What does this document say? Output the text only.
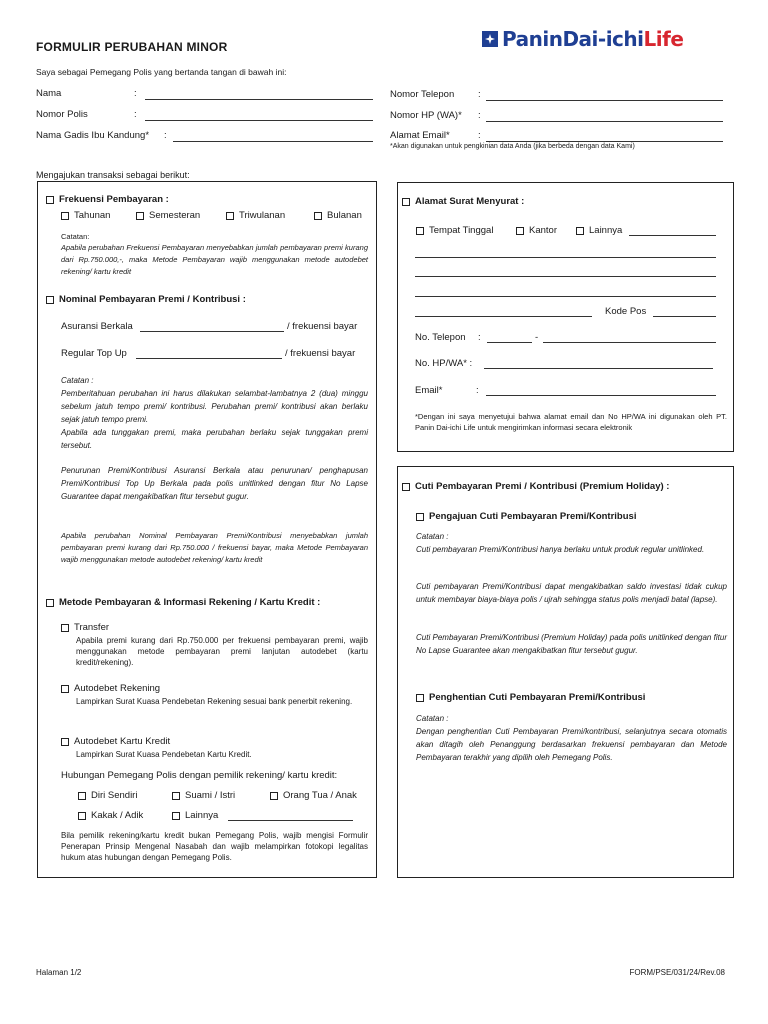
FORMULIR PERUBAHAN MINOR	PaninDai-ichiLife
Saya sebagai Pemegang Polis yang bertanda tangan di bawah ini:
Nama	:
Nomor Polis	:
Nama Gadis Ibu Kandung* :
Nomor Telepon :
Nomor HP (WA)* :
Alamat Email*	:
*Akan digunakan untuk pengkinian data Anda (jika berbeda dengan data Kami)
Mengajukan transaksi sebagai berikut:
Frekuensi Pembayaran :
Tahunan	Semesteran	Triwulanan	Bulanan
Catatan:
Apabila perubahan Frekuensi Pembayaran menyebabkan jumlah pembayaran premi kurang dari Rp.750.000,-, maka Metode Pembayaran wajib menggunakan metode autodebet rekening/ kartu kredit
Nominal Pembayaran Premi / Kontribusi :
Asuransi Berkala	/ frekuensi bayar
Regular Top Up	/ frekuensi bayar
Catatan :
Pemberitahuan perubahan ini harus dilakukan selambat-lambatnya 2 (dua) minggu sebelum jatuh tempo premi/ kontribusi. Perubahan premi/ kontribusi akan berlaku sejak jatuh tempo premi.
Apabila ada tunggakan premi, maka perubahan berlaku sejak tunggakan premi tersebut.
Penurunan Premi/Kontribusi Asuransi Berkala atau penurunan/ penghapusan Premi/Kontribusi Top Up Berkala pada polis unitlinked dengan fitur No Lapse Guarantee dapat mengakibatkan fitur tersebut gugur.
Apabila perubahan Nominal Pembayaran Premi/Kontribusi menyebabkan jumlah pembayaran premi kurang dari Rp.750.000 / frekuensi bayar, maka Metode Pembayaran wajib menggunakan metode autodebet rekening/ kartu kredit
Metode Pembayaran & Informasi Rekening / Kartu Kredit :
Transfer
Apabila premi kurang dari Rp.750.000 per frekuensi pembayaran premi, wajib menggunakan metode pembayaran premi lanjutan autodebet (kartu kredit/rekening).
Autodebet Rekening
Lampirkan Surat Kuasa Pendebetan Rekening sesuai bank penerbit rekening.
Autodebet Kartu Kredit
Lampirkan Surat Kuasa Pendebetan Kartu Kredit.
Hubungan Pemegang Polis dengan pemilik rekening/ kartu kredit:
Diri Sendiri	Suami / Istri	Orang Tua / Anak
Kakak / Adik	Lainnya
Bila pemilik rekening/kartu kredit bukan Pemegang Polis, wajib mengisi Formulir Penerapan Prinsip Mengenal Nasabah dan wajib melampirkan fotokopi legalitas hukum atas hubungan dengan Pemegang Polis.
Alamat Surat Menyurat :
Tempat Tinggal	Kantor	Lainnya
Kode Pos
No. Telepon :	-
No. HP/WA* :
Email*	:
*Dengan ini saya menyetujui bahwa alamat email dan No HP/WA ini digunakan oleh PT. Panin Dai-ichi Life untuk mengirimkan informasi secara elektronik
Cuti Pembayaran Premi / Kontribusi (Premium Holiday) :
Pengajuan Cuti Pembayaran Premi/Kontribusi
Catatan :
Cuti pembayaran Premi/Kontribusi hanya berlaku untuk produk regular unitlinked.
Cuti pembayaran Premi/Kontribusi dapat mengakibatkan saldo investasi tidak cukup untuk membayar biaya-biaya polis / ujrah sehingga status polis menjadi batal (lapse).
Cuti Pembayaran Premi/Kontribusi (Premium Holiday) pada polis unitlinked dengan fitur No Lapse Guarantee akan mengakibatkan fitur tersebut gugur.
Penghentian Cuti Pembayaran Premi/Kontribusi
Catatan :
Dengan penghentian Cuti Pembayaran Premi/kontribusi, selanjutnya secara otomatis akan ditagih oleh Penanggung berdasarkan frekuensi pembayaran dan Metode Pembayaran terakhir yang dipilih oleh Pemegang Polis.
Halaman 1/2	FORM/PSE/031/24/Rev.08
